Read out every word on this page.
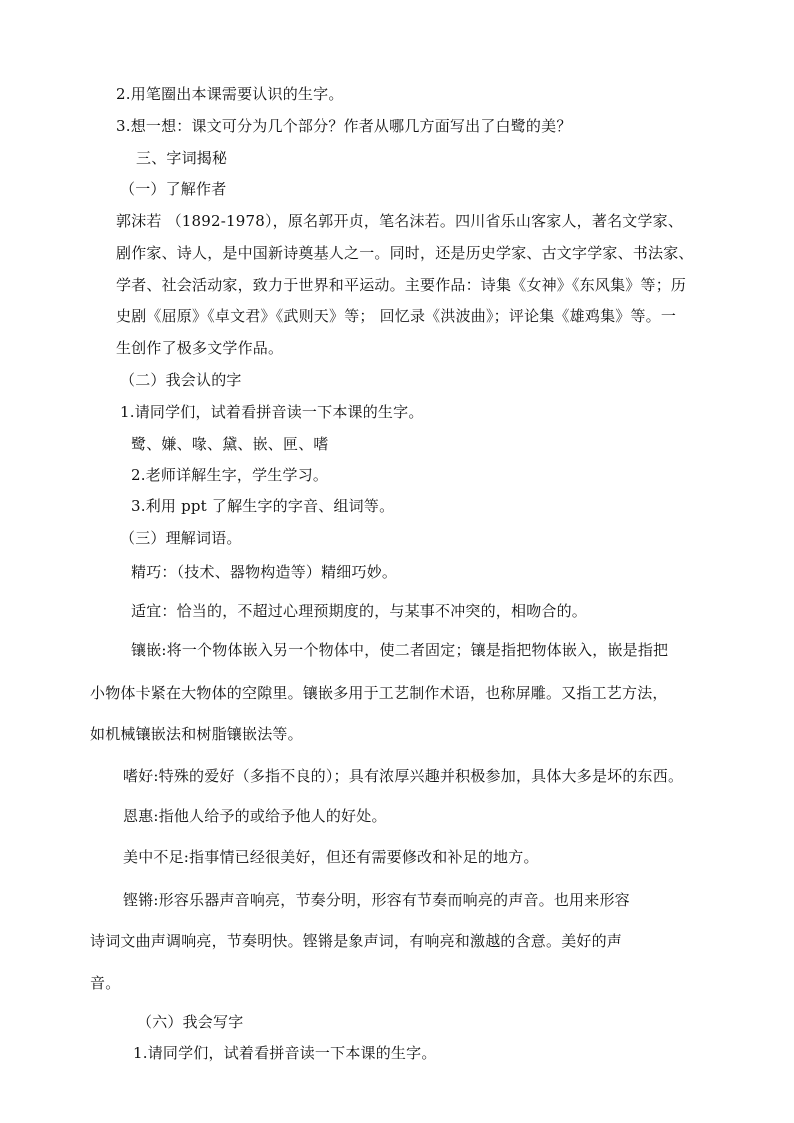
2.用笔圈出本课需要认识的生字。
3.想一想：课文可分为几个部分？作者从哪几方面写出了白鹭的美？
三、字词揭秘
（一）了解作者
郭沫若 （1892-1978），原名郭开贞，笔名沫若。四川省乐山客家人，著名文学家、
剧作家、诗人，是中国新诗奠基人之一。同时，还是历史学家、古文字学家、书法家、
学者、社会活动家，致力于世界和平运动。主要作品：诗集《女神》《东风集》等；历
史剧《屈原》《卓文君》《武则天》等； 回忆录《洪波曲》；评论集《雄鸡集》等。一
生创作了极多文学作品。
（二）我会认的字
1.请同学们，试着看拼音读一下本课的生字。
鹭、嫌、喙、黛、嵌、匣、嗜
2.老师详解生字，学生学习。
3.利用 ppt 了解生字的字音、组词等。
（三）理解词语。
精巧：（技术、器物构造等）精细巧妙。
适宜：恰当的，不超过心理预期度的，与某事不冲突的，相吻合的。
镶嵌:将一个物体嵌入另一个物体中，使二者固定；镶是指把物体嵌入，嵌是指把
小物体卡紧在大物体的空隙里。镶嵌多用于工艺制作术语，也称屏雕。又指工艺方法，
如机械镶嵌法和树脂镶嵌法等。
嗜好:特殊的爱好（多指不良的）；具有浓厚兴趣并积极参加，具体大多是坏的东西。
恩惠:指他人给予的或给予他人的好处。
美中不足:指事情已经很美好，但还有需要修改和补足的地方。
铿锵:形容乐器声音响亮，节奏分明，形容有节奏而响亮的声音。也用来形容
诗词文曲声调响亮，节奏明快。铿锵是象声词，有响亮和激越的含意。美好的声
音。
（六）我会写字
1.请同学们，试着看拼音读一下本课的生字。
